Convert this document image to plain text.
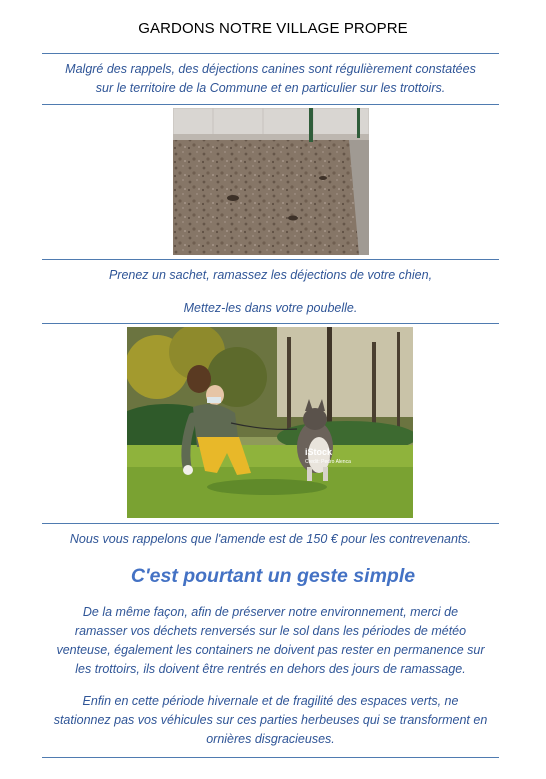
GARDONS NOTRE VILLAGE PROPRE
Malgré des rappels, des déjections canines sont régulièrement constatées
sur le territoire de la Commune et en particulier sur les trottoirs.
Prenez un sachet, ramassez les déjections de votre chien,
Mettez-les dans votre poubelle.
iStock
Credit: Pedro Alenca
Nous vous rappelons que l'amende est de 150 € pour les contrevenants.
C'est pourtant un geste simple
De la même façon, afin de préserver notre environnement, merci de
ramasser vos déchets renversés sur le sol dans les périodes de météo
venteuse, également les containers ne doivent pas rester en permanence sur
les trottoirs, ils doivent être rentrés en dehors des jours de ramassage.
Enfin en cette période hivernale et de fragilité des espaces verts, ne
stationnez pas vos véhicules sur ces parties herbeuses qui se transforment en
ornières disgracieuses.
